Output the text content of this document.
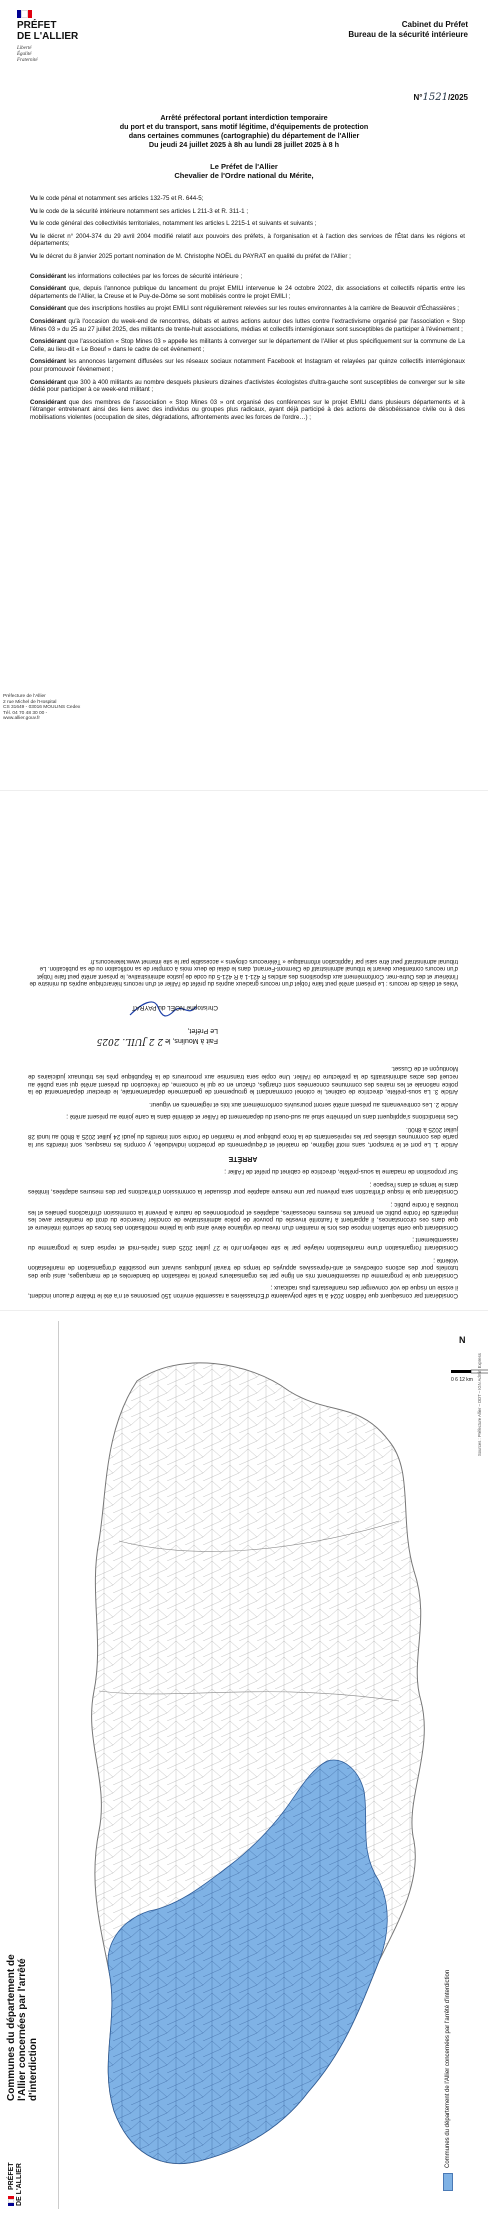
PRÉFET
DE L'ALLIER
Liberté
Égalité
Fraternité
Cabinet du Préfet
Bureau de la sécurité intérieure
N°1521/2025
Arrêté préfectoral portant interdiction temporaire
du port et du transport, sans motif légitime, d'équipements de protection
dans certaines communes (cartographie) du département de l'Allier
Du jeudi 24 juillet 2025 à 8h au lundi 28 juillet 2025 à 8 h
Le Préfet de l'Allier
Chevalier de l'Ordre national du Mérite,

Vu le code pénal et notamment ses articles 132-75 et R. 644-5;

Vu le code de la sécurité intérieure notamment ses articles L 211-3 et R. 311-1 ;

Vu le code général des collectivités territoriales, notamment les articles L 2215-1 et suivants et suivants ;

Vu le décret n° 2004-374 du 29 avril 2004 modifié relatif aux pouvoirs des préfets, à l'organisation et à l'action des services de l'État dans les régions et départements;

Vu le décret du 8 janvier 2025 portant nomination de M. Christophe NOËL du PAYRAT en qualité du préfet de l'Allier ;

Considérant les informations collectées par les forces de sécurité intérieure ;

Considérant que, depuis l'annonce publique du lancement du projet EMILI intervenue le 24 octobre 2022, dix associations et collectifs répartis entre les départements de l'Allier, la Creuse et le Puy-de-Dôme se sont mobilisés contre le projet EMILI ;

Considérant que des inscriptions hostiles au projet EMILI sont régulièrement relevées sur les routes environnantes à la carrière de Beauvoir d'Échassières ;

Considérant qu'à l'occasion du week-end de rencontres, débats et autres actions autour des luttes contre l'extractivisme organisé par l'association « Stop Mines 03 » du 25 au 27 juillet 2025, des militants de trente-huit associations, médias et collectifs interrégionaux sont susceptibles de participer à l'événement ;

Considérant que l'association « Stop Mines 03 » appelle les militants à converger sur le département de l'Allier et plus spécifiquement sur la commune de La Celle, au lieu-dit « Le Boeuf » dans le cadre de cet événement ;

Considérant les annonces largement diffusées sur les réseaux sociaux notamment Facebook et Instagram et relayées par quinze collectifs interrégionaux pour promouvoir l'événement ;

Considérant que 300 à 400 militants au nombre desquels plusieurs dizaines d'activistes écologistes d'ultra-gauche sont susceptibles de converger sur le site dédié pour participer à ce week-end militant ;

Considérant que des membres de l'association « Stop Mines 03 » ont organisé des conférences sur le projet EMILI dans plusieurs départements et à l'étranger entretenant ainsi des liens avec des individus ou groupes plus radicaux, ayant déjà participé à des actions de désobéissance civile ou à des mobilisations violentes (occupation de sites, dégradations, affrontements avec les forces de l'ordre…) ;

Préfecture de l'Allier
2 rue Michel de l'Hospital
CS 31649 - 03016 MOULINS Cedex
Tél. 04 70 48 30 00 -
www.allier.gouv.fr

Considérant par conséquent que l'édition 2024 à la salle polyvalente d'Échassières a rassemblé environ 150 personnes et n'a été le théâtre d'aucun incident, il existe un risque de voir converger des manifestants plus radicaux ;

Considérant que le programme du rassemblement mis en ligne par les organisateurs prévoit la réalisation de banderoles et de marquages, ainsi que des tutoriels pour des actions collectives et anti-répressives appuyés de temps de travail juridiques suivant une possibilité d'organisation de manifestation violente ;

Considérant l'organisation d'une manifestation relayée par le site rebellyon.info le 27 juillet 2025 dans l'après-midi et reprise dans le programme du rassemblement ;

Considérant que cette situation impose des lors le maintien d'un niveau de vigilance élevé ainsi que la pleine mobilisation des forces de sécurité intérieure et que dans ces circonstances, il appartient à l'autorité investie du pouvoir de police administrative de concilier l'exercice du droit de manifester avec les impératifs de l'ordre public en prenant les mesures nécessaires, adaptées et proportionnées de nature à prévenir la commission d'infractions pénales et les troubles à l'ordre public ;

Considérant que le risque d'infraction sera prévenu par une mesure adaptée pour dissuader la commission d'infractions par des mesures adaptées, limitées dans le temps et dans l'espace ;

Sur proposition de madame la sous-préfète, directrice de cabinet du préfet de l'Allier ;

ARRÊTE

Article 1. Le port et le transport, sans motif légitime, de matériel et d'équipements de protection individuelle, y compris les masques, sont interdits sur la partie des communes utilisées par les représentants de la force publique pour le maintien de l'ordre sont interdits du jeudi 24 juillet 2025 à 8h00 au lundi 28 juillet 2025 à 8h00.

Ces interdictions s'appliquent dans un périmètre situé au sud-ouest du département de l'Allier et délimité dans la carte jointe au présent arrêté ;

Article 2. Les contrevenants au présent arrêté seront poursuivis conformément aux lois et règlements en vigueur.

Article 3. La sous-préfète, directrice de cabinet, le colonel commandant le groupement de gendarmerie départementale, le directeur départemental de la police nationale et les maires des communes concernées sont chargés, chacun en ce qui le concerne, de l'exécution du présent arrêté qui sera publié au recueil des actes administratifs de la préfecture de l'Allier. Une copie sera transmise aux procureurs de la République près les tribunaux judiciaires de Montluçon et de Cusset.

Fait à Moulins, le 2 2 JUIL. 2025
Le Préfet,
Christophe NOËL du PAYRAT
Voies et délais de recours : Le présent arrêté peut faire l'objet d'un recours gracieux auprès du préfet de l'Allier et d'un recours hiérarchique auprès du ministre de l'intérieur et des Outre-mer. Conformément aux dispositions des articles R 421-1 à R 421-5 du code de justice administrative, le présent arrêté peut faire l'objet d'un recours contentieux devant le tribunal administratif de Clermont-Ferrand, dans le délai de deux mois à compter de sa notification ou de sa publication. Le tribunal administratif peut être saisi par l'application informatique « Télérecours citoyens » accessible par le site internet www.telerecours.fr
Communes du département de l'Allier concernées par l'arrêté d'interdiction
PRÉFET DE L'ALLIER
N
0 6 12 km Sources : Préfecture Allier – DDT – IGN Admin Express
Communes du département de l'Allier concernées par l'arrêté d'interdiction
